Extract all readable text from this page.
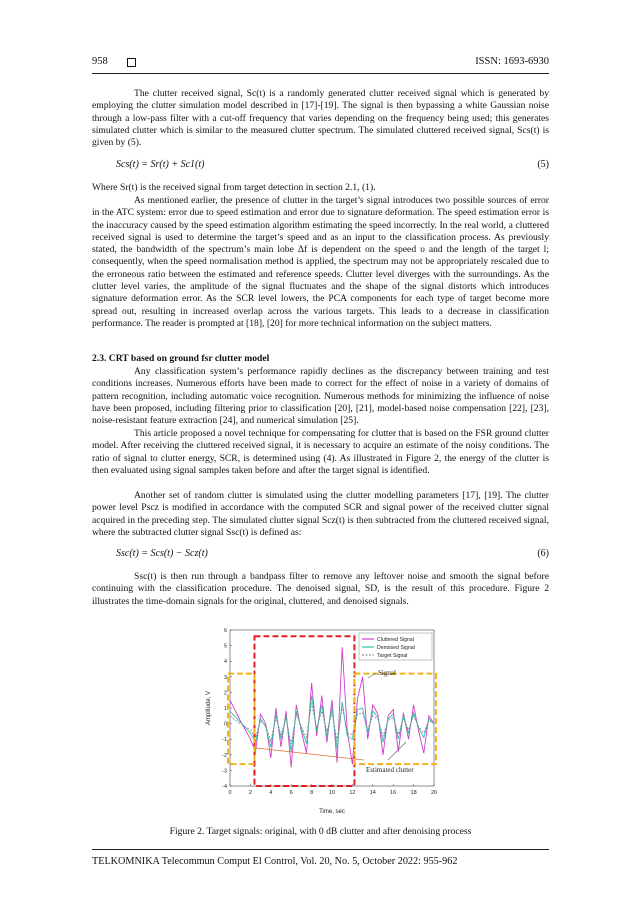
958	ISSN: 1693-6930

The clutter received signal, Sc(t) is a randomly generated clutter received signal which is generated by employing the clutter simulation model described in [17]-[19]. The signal is then bypassing a white Gaussian noise through a low-pass filter with a cut-off frequency that varies depending on the frequency being used; this generates simulated clutter which is similar to the measured clutter spectrum. The simulated cluttered received signal, Scs(t) is given by (5).

Scs(t) = Sr(t) + Sc1(t)	(5)

Where Sr(t) is the received signal from target detection in section 2.1, (1).

As mentioned earlier, the presence of clutter in the target’s signal introduces two possible sources of error in the ATC system: error due to speed estimation and error due to signature deformation. The speed estimation error is the inaccuracy caused by the speed estimation algorithm estimating the speed incorrectly. In the real world, a cluttered received signal is used to determine the target’s speed and as an input to the classification process. As previously stated, the bandwidth of the spectrum’s main lobe Δf is dependent on the speed υ and the length of the target l; consequently, when the speed normalisation method is applied, the spectrum may not be appropriately rescaled due to the erroneous ratio between the estimated and reference speeds. Clutter level diverges with the surroundings. As the clutter level varies, the amplitude of the signal fluctuates and the shape of the signal distorts which introduces signature deformation error. As the SCR level lowers, the PCA components for each type of target become more spread out, resulting in increased overlap across the various targets. This leads to a decrease in classification performance. The reader is prompted at [18], [20] for more technical information on the subject matters.

2.3. CRT based on ground fsr clutter model

Any classification system’s performance rapidly declines as the discrepancy between training and test conditions increases. Numerous efforts have been made to correct for the effect of noise in a variety of domains of pattern recognition, including automatic voice recognition. Numerous methods for minimizing the influence of noise have been proposed, including filtering prior to classification [20], [21], model-based noise compensation [22], [23], noise-resistant feature extraction [24], and numerical simulation [25].

This article proposed a novel technique for compensating for clutter that is based on the FSR ground clutter model. After receiving the cluttered received signal, it is necessary to acquire an estimate of the noisy conditions. The ratio of signal to clutter energy, SCR, is determined using (4). As illustrated in Figure 2, the energy of the clutter is then evaluated using signal samples taken before and after the target signal is identified.

Another set of random clutter is simulated using the clutter modelling parameters [17], [19]. The clutter power level Pscz is modified in accordance with the computed SCR and signal power of the received clutter signal acquired in the preceding step. The simulated clutter signal Scz(t) is then subtracted from the cluttered received signal, where the subtracted clutter signal Ssc(t) is defined as:

Ssc(t) = Scs(t) − Scz(t)	(6)

Ssc(t) is then run through a bandpass filter to remove any leftover noise and smooth the signal before continuing with the classification procedure. The denoised signal, SD, is the result of this procedure. Figure 2 illustrates the time-domain signals for the original, cluttered, and denoised signals.

0	2	4	6	8	10	12	14	16	18	20
-4
-3
-2
-1
0
1
2
3
4
5
6
Amplitude, V
Time, sec
Cluttered Signal
Denoised Signal
Target Signal
Signal
Estimated clutter
Figure 2. Target signals: original, with 0 dB clutter and after denoising process
TELKOMNIKA Telecommun Comput El Control, Vol. 20, No. 5, October 2022: 955-962
